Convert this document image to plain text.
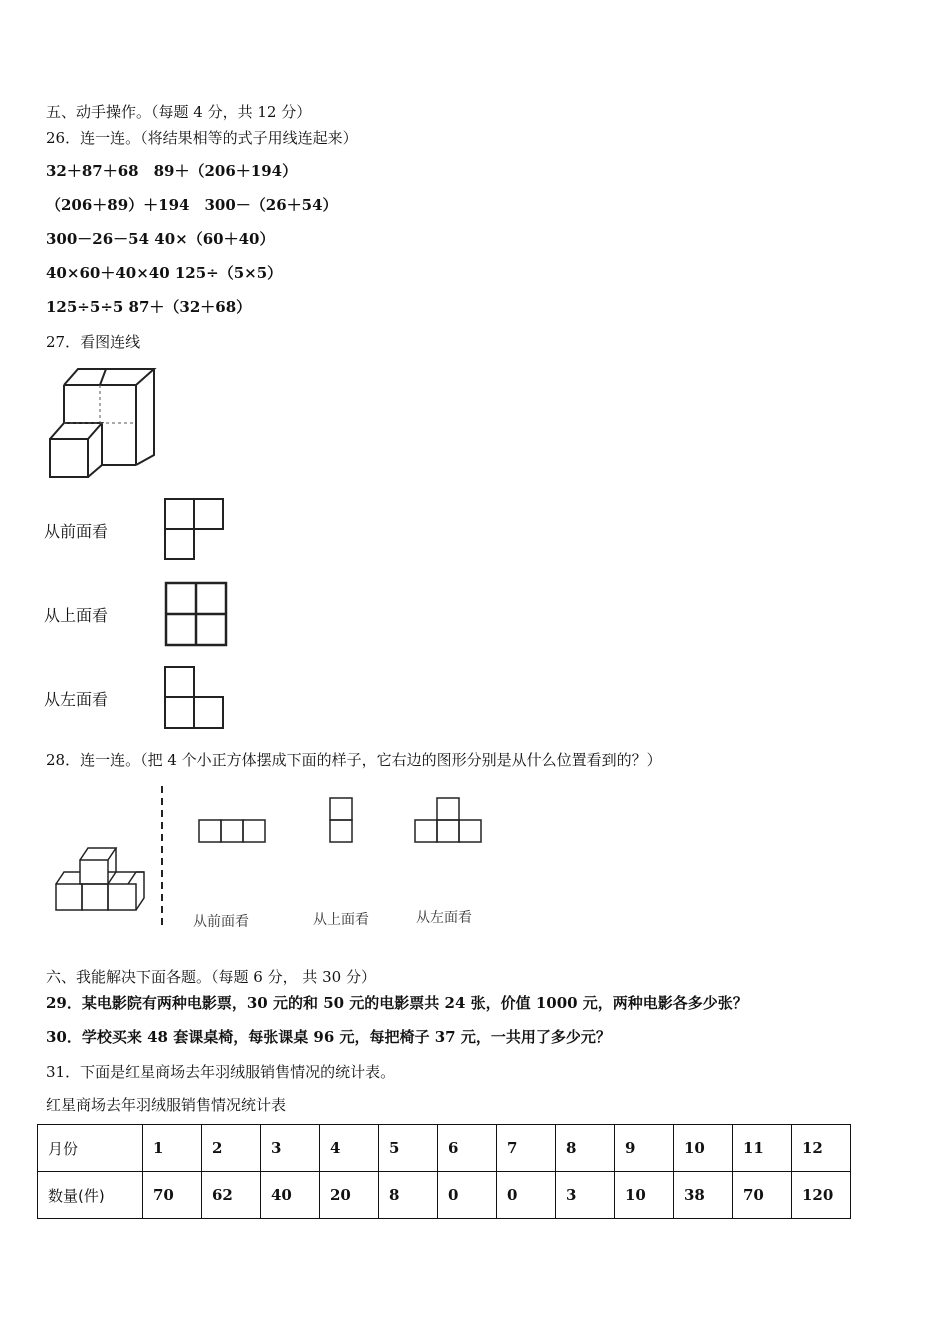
五、动手操作。（每题 4 分，共 12 分）
26．连一连。（将结果相等的式子用线连起来）
32＋87＋68　89＋（206＋194）
（206＋89）＋194　300－（26＋54）
300－26－54 40×（60＋40）
40×60＋40×40 125÷（5×5）
125÷5÷5 87＋（32＋68）
27．看图连线
从前面看
从上面看
从左面看
28．连一连。（把 4 个小正方体摆成下面的样子，它右边的图形分别是从什么位置看到的？）
从前面看	从上面看	从左面看
六、我能解决下面各题。（每题 6 分， 共 30 分）
29．某电影院有两种电影票，30 元的和 50 元的电影票共 24 张，价值 1000 元，两种电影各多少张？
30．学校买来 48 套课桌椅，每张课桌 96 元，每把椅子 37 元，一共用了多少元？
31．下面是红星商场去年羽绒服销售情况的统计表。
红星商场去年羽绒服销售情况统计表
月份	1	2	3	4	5	6	7	8	9	10	11	12
数量(件)	70	62	40	20	8	0	0	3	10	38	70	120
